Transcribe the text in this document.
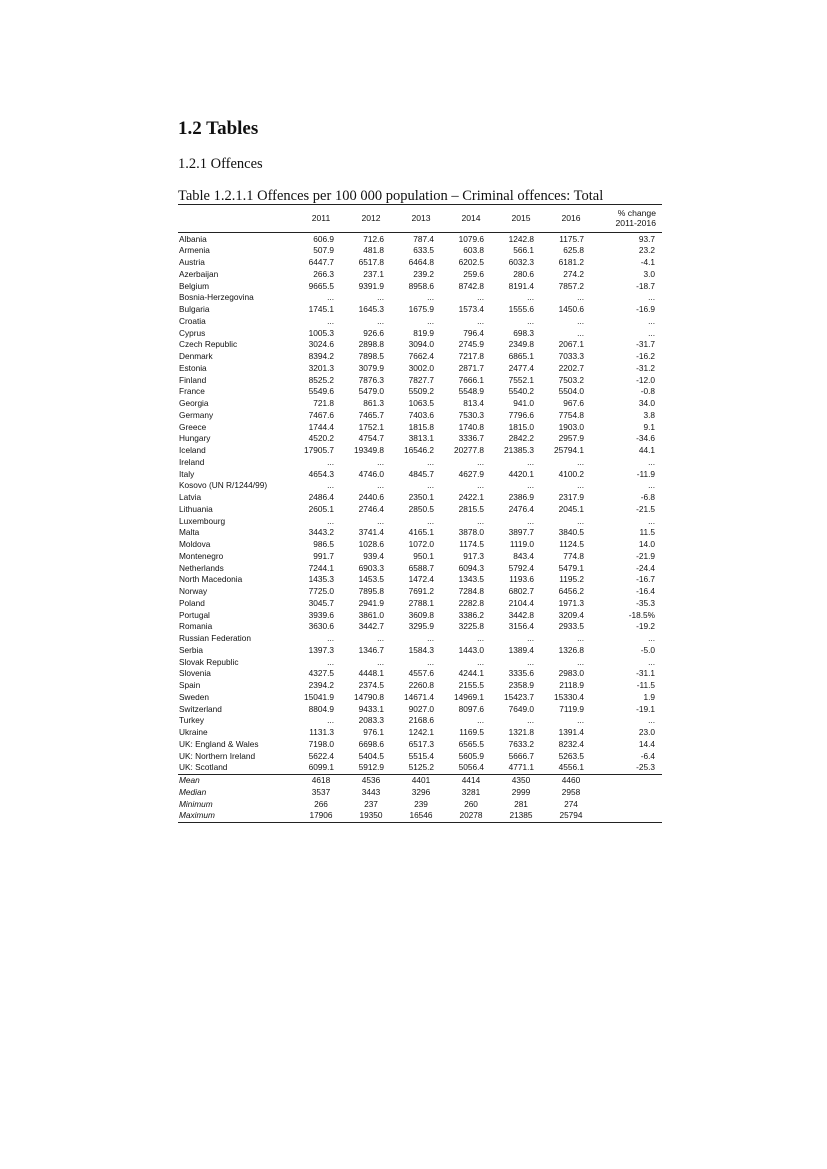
1.2 Tables
1.2.1 Offences
Table 1.2.1.1 Offences per 100 000 population – Criminal offences: Total
	2011	2012	2013	2014	2015	2016	% change 2011-2016
Albania	606.9	712.6	787.4	1079.6	1242.8	1175.7	93.7
Armenia	507.9	481.8	633.5	603.8	566.1	625.8	23.2
Austria	6447.7	6517.8	6464.8	6202.5	6032.3	6181.2	-4.1
Azerbaijan	266.3	237.1	239.2	259.6	280.6	274.2	3.0
Belgium	9665.5	9391.9	8958.6	8742.8	8191.4	7857.2	-18.7
Bosnia-Herzegovina	...	...	...	...	...	...	...
Bulgaria	1745.1	1645.3	1675.9	1573.4	1555.6	1450.6	-16.9
Croatia	...	...	...	...	...	...	...
Cyprus	1005.3	926.6	819.9	796.4	698.3	...	...
Czech Republic	3024.6	2898.8	3094.0	2745.9	2349.8	2067.1	-31.7
Denmark	8394.2	7898.5	7662.4	7217.8	6865.1	7033.3	-16.2
Estonia	3201.3	3079.9	3002.0	2871.7	2477.4	2202.7	-31.2
Finland	8525.2	7876.3	7827.7	7666.1	7552.1	7503.2	-12.0
France	5549.6	5479.0	5509.2	5548.9	5540.2	5504.0	-0.8
Georgia	721.8	861.3	1063.5	813.4	941.0	967.6	34.0
Germany	7467.6	7465.7	7403.6	7530.3	7796.6	7754.8	3.8
Greece	1744.4	1752.1	1815.8	1740.8	1815.0	1903.0	9.1
Hungary	4520.2	4754.7	3813.1	3336.7	2842.2	2957.9	-34.6
Iceland	17905.7	19349.8	16546.2	20277.8	21385.3	25794.1	44.1
Ireland	...	...	...	...	...	...	...
Italy	4654.3	4746.0	4845.7	4627.9	4420.1	4100.2	-11.9
Kosovo (UN R/1244/99)	...	...	...	...	...	...	...
Latvia	2486.4	2440.6	2350.1	2422.1	2386.9	2317.9	-6.8
Lithuania	2605.1	2746.4	2850.5	2815.5	2476.4	2045.1	-21.5
Luxembourg	...	...	...	...	...	...	...
Malta	3443.2	3741.4	4165.1	3878.0	3897.7	3840.5	11.5
Moldova	986.5	1028.6	1072.0	1174.5	1119.0	1124.5	14.0
Montenegro	991.7	939.4	950.1	917.3	843.4	774.8	-21.9
Netherlands	7244.1	6903.3	6588.7	6094.3	5792.4	5479.1	-24.4
North Macedonia	1435.3	1453.5	1472.4	1343.5	1193.6	1195.2	-16.7
Norway	7725.0	7895.8	7691.2	7284.8	6802.7	6456.2	-16.4
Poland	3045.7	2941.9	2788.1	2282.8	2104.4	1971.3	-35.3
Portugal	3939.6	3861.0	3609.8	3386.2	3442.8	3209.4	-18.5%
Romania	3630.6	3442.7	3295.9	3225.8	3156.4	2933.5	-19.2
Russian Federation	...	...	...	...	...	...	...
Serbia	1397.3	1346.7	1584.3	1443.0	1389.4	1326.8	-5.0
Slovak Republic	...	...	...	...	...	...	...
Slovenia	4327.5	4448.1	4557.6	4244.1	3335.6	2983.0	-31.1
Spain	2394.2	2374.5	2260.8	2155.5	2358.9	2118.9	-11.5
Sweden	15041.9	14790.8	14671.4	14969.1	15423.7	15330.4	1.9
Switzerland	8804.9	9433.1	9027.0	8097.6	7649.0	7119.9	-19.1
Turkey	...	2083.3	2168.6	...	...	...	...
Ukraine	1131.3	976.1	1242.1	1169.5	1321.8	1391.4	23.0
UK: England & Wales	7198.0	6698.6	6517.3	6565.5	7633.2	8232.4	14.4
UK: Northern Ireland	5622.4	5404.5	5515.4	5605.9	5666.7	5263.5	-6.4
UK: Scotland	6099.1	5912.9	5125.2	5056.4	4771.1	4556.1	-25.3
Mean	4618	4536	4401	4414	4350	4460	
Median	3537	3443	3296	3281	2999	2958	
Minimum	266	237	239	260	281	274	
Maximum	17906	19350	16546	20278	21385	25794	
